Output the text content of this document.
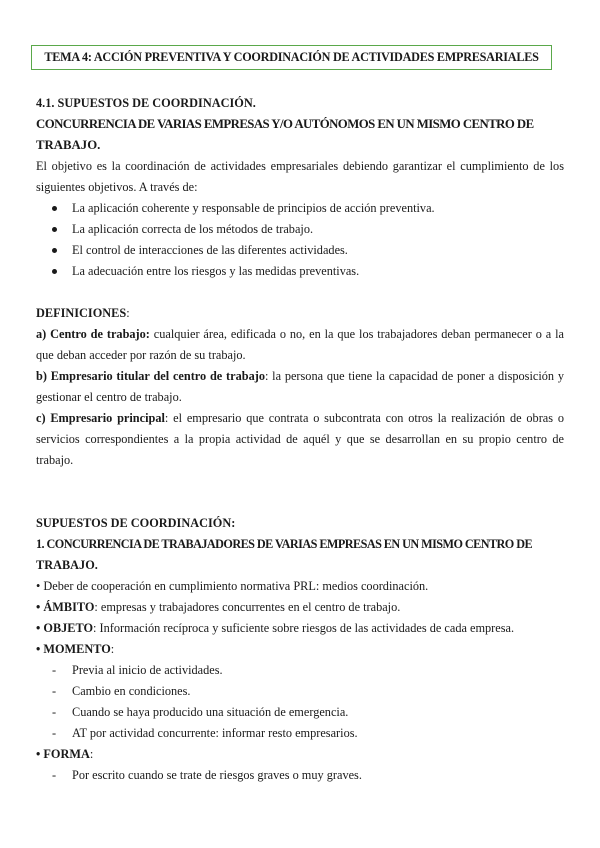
TEMA 4: ACCIÓN PREVENTIVA Y COORDINACIÓN DE ACTIVIDADES EMPRESARIALES
4.1. SUPUESTOS DE COORDINACIÓN.
CONCURRENCIA DE VARIAS EMPRESAS Y/O AUTÓNOMOS EN UN MISMO CENTRO DE
TRABAJO.

El objetivo es la coordinación de actividades empresariales debiendo garantizar el cumplimiento de los siguientes objetivos. A través de:

La aplicación coherente y responsable de principios de acción preventiva.
La aplicación correcta de los métodos de trabajo.
El control de interacciones de las diferentes actividades.
La adecuación entre los riesgos y las medidas preventivas.
DEFINICIONES:

a) Centro de trabajo: cualquier área, edificada o no, en la que los trabajadores deban permanecer o a la que deban acceder por razón de su trabajo.

b) Empresario titular del centro de trabajo: la persona que tiene la capacidad de poner a disposición y gestionar el centro de trabajo.

c) Empresario principal: el empresario que contrata o subcontrata con otros la realización de obras o servicios correspondientes a la propia actividad de aquél y que se desarrollan en su propio centro de trabajo.

SUPUESTOS DE COORDINACIÓN:
1. CONCURRENCIA DE TRABAJADORES DE VARIAS EMPRESAS EN UN MISMO CENTRO DE
TRABAJO.
• Deber de cooperación en cumplimiento normativa PRL: medios coordinación.
• ÁMBITO: empresas y trabajadores concurrentes en el centro de trabajo.
• OBJETO: Información recíproca y suficiente sobre riesgos de las actividades de cada empresa.
• MOMENTO:
- Previa al inicio de actividades.
- Cambio en condiciones.
- Cuando se haya producido una situación de emergencia.
- AT por actividad concurrente: informar resto empresarios.
• FORMA:
- Por escrito cuando se trate de riesgos graves o muy graves.
